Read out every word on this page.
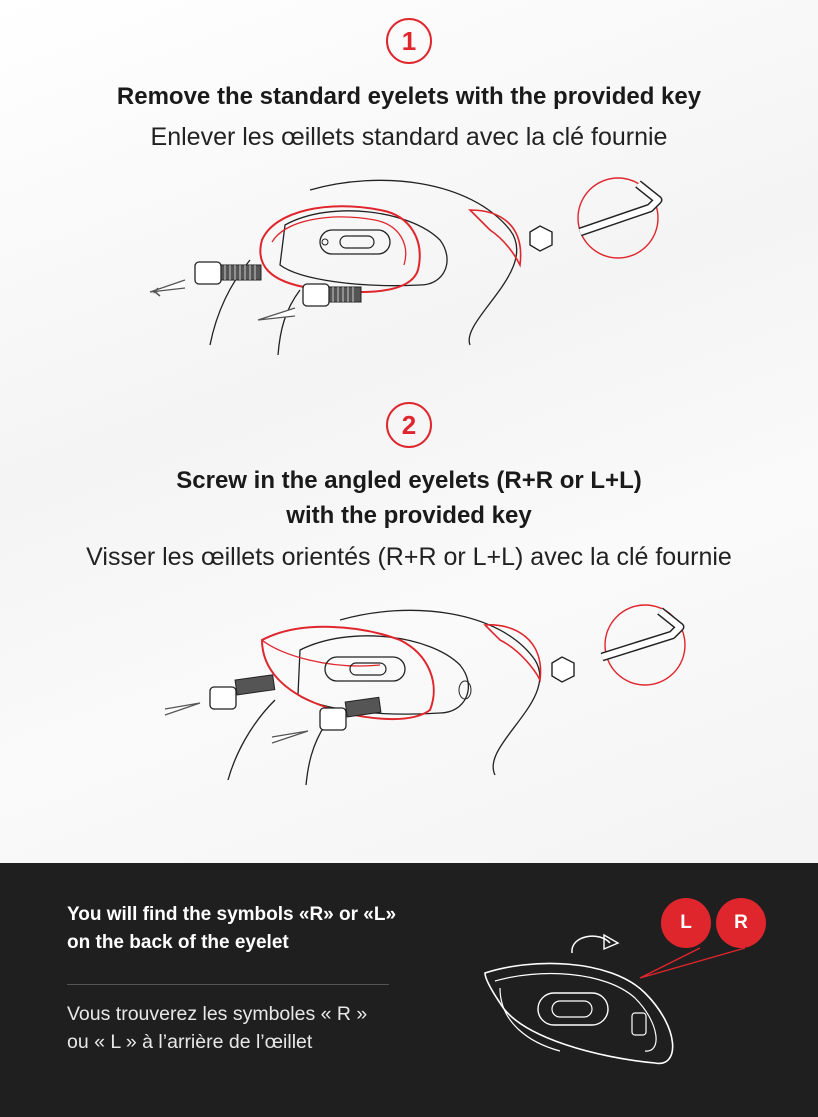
1
Remove the standard eyelets with the provided key
Enlever les œillets standard avec la clé fournie
2
Screw in the angled eyelets (R+R or L+L)
with the provided key
Visser les œillets orientés (R+R or L+L) avec la clé fournie
You will find the symbols «R» or «L»
on the back of the eyelet
Vous trouverez les symboles « R »
ou « L » à l’arrière de l’œillet
L	R
